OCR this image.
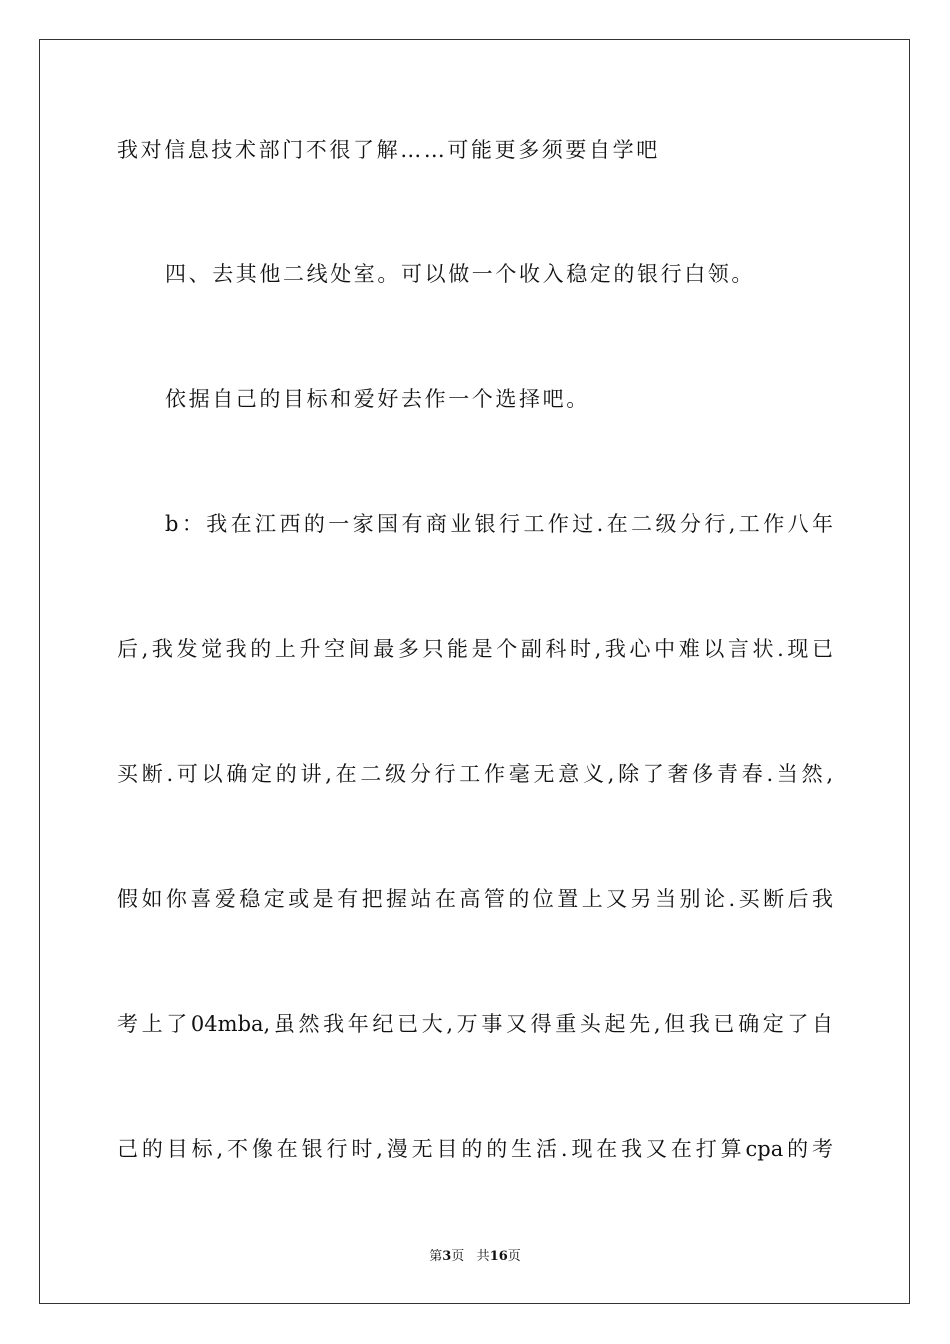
我对信息技术部门不很了解……可能更多须要自学吧
四、去其他二线处室。可以做一个收入稳定的银行白领。
依据自己的目标和爱好去作一个选择吧。
b：我在江西的一家国有商业银行工作过.在二级分行,工作八年
后,我发觉我的上升空间最多只能是个副科时,我心中难以言状.现已
买断.可以确定的讲,在二级分行工作毫无意义,除了奢侈青春.当然,
假如你喜爱稳定或是有把握站在高管的位置上又另当别论.买断后我
考上了04mba,虽然我年纪已大,万事又得重头起先,但我已确定了自
己的目标,不像在银行时,漫无目的的生活.现在我又在打算cpa的考
第3页 共16页
